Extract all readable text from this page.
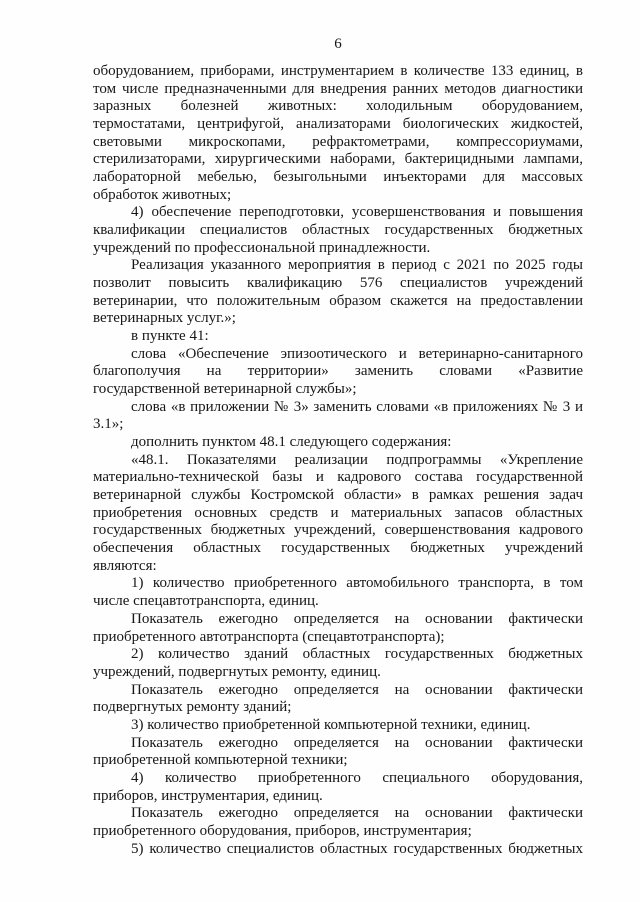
6
оборудованием, приборами, инструментарием в количестве 133 единиц, в
том числе предназначенными для внедрения ранних методов диагностики
заразных болезней животных: холодильным оборудованием,
термостатами, центрифугой, анализаторами биологических жидкостей,
световыми микроскопами, рефрактометрами, компрессориумами,
стерилизаторами, хирургическими наборами, бактерицидными лампами,
лабораторной мебелью, безыгольными инъекторами для массовых
обработок животных;
4) обеспечение переподготовки, усовершенствования и повышения
квалификации специалистов областных государственных бюджетных
учреждений по профессиональной принадлежности.
Реализация указанного мероприятия в период с 2021 по 2025 годы
позволит повысить квалификацию 576 специалистов учреждений
ветеринарии, что положительным образом скажется на предоставлении
ветеринарных услуг.»;
в пункте 41:
слова «Обеспечение эпизоотического и ветеринарно-санитарного
благополучия на территории» заменить словами «Развитие
государственной ветеринарной службы»;
слова «в приложении № 3» заменить словами «в приложениях № 3 и
3.1»;
дополнить пунктом 48.1 следующего содержания:
«48.1. Показателями реализации подпрограммы «Укрепление
материально-технической базы и кадрового состава государственной
ветеринарной службы Костромской области» в рамках решения задач
приобретения основных средств и материальных запасов областных
государственных бюджетных учреждений, совершенствования кадрового
обеспечения областных государственных бюджетных учреждений
являются:
1) количество приобретенного автомобильного транспорта, в том
числе спецавтотранспорта, единиц.
Показатель ежегодно определяется на основании фактически
приобретенного автотранспорта (спецавтотранспорта);
2) количество зданий областных государственных бюджетных
учреждений, подвергнутых ремонту, единиц.
Показатель ежегодно определяется на основании фактически
подвергнутых ремонту зданий;
3) количество приобретенной компьютерной техники, единиц.
Показатель ежегодно определяется на основании фактически
приобретенной компьютерной техники;
4) количество приобретенного специального оборудования,
приборов, инструментария, единиц.
Показатель ежегодно определяется на основании фактически
приобретенного оборудования, приборов, инструментария;
5) количество специалистов областных государственных бюджетных
